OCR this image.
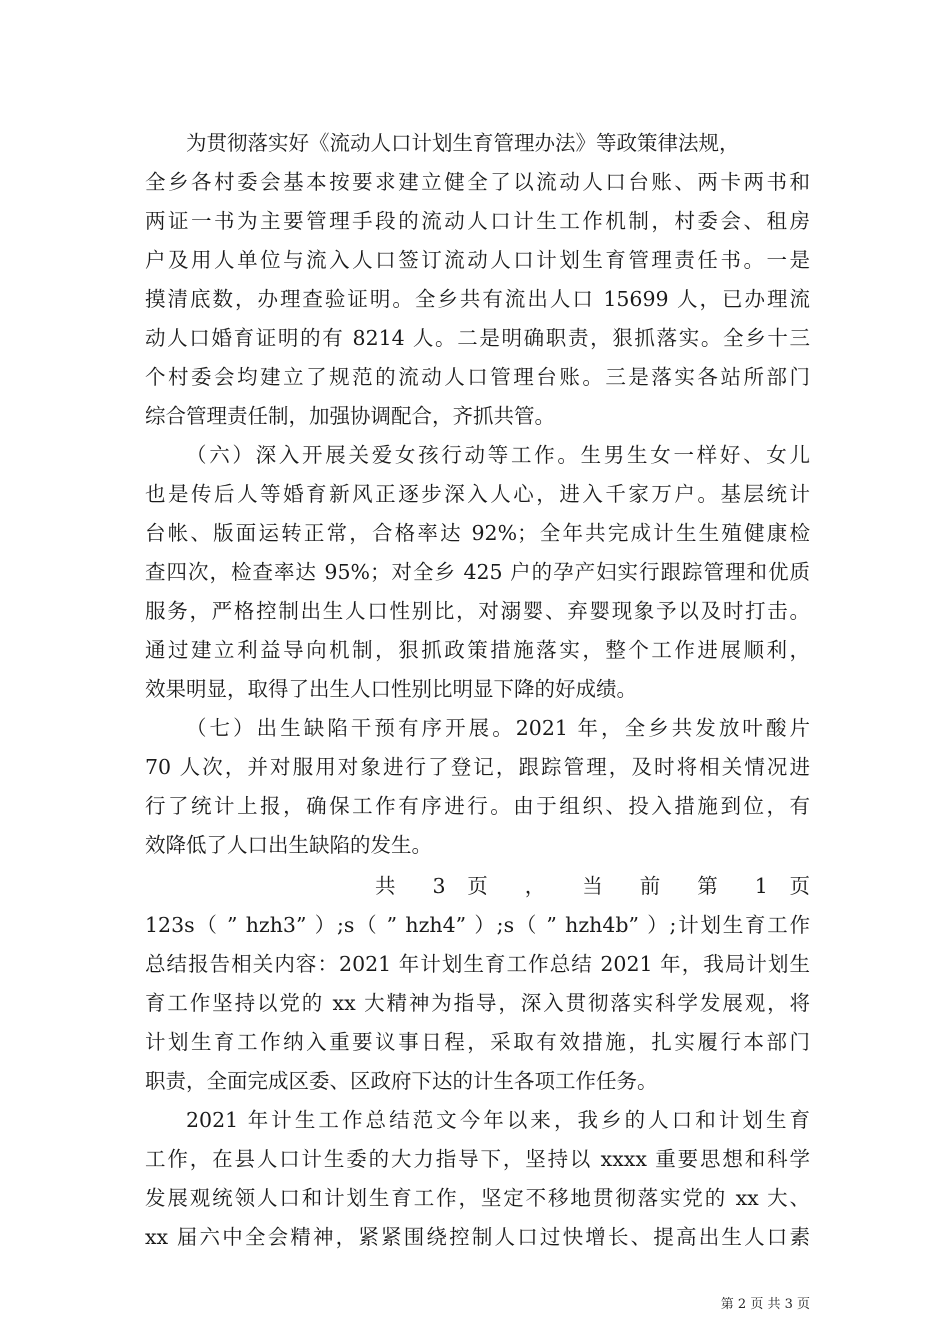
为贯彻落实好《流动人口计划生育管理办法》等政策律法规，
全乡各村委会基本按要求建立健全了以流动人口台账、两卡两书和
两证一书为主要管理手段的流动人口计生工作机制，村委会、租房
户及用人单位与流入人口签订流动人口计划生育管理责任书。一是
摸清底数，办理查验证明。全乡共有流出人口 15699 人，已办理流
动人口婚育证明的有 8214 人。二是明确职责，狠抓落实。全乡十三
个村委会均建立了规范的流动人口管理台账。三是落实各站所部门
综合管理责任制，加强协调配合，齐抓共管。
（六）深入开展关爱女孩行动等工作。生男生女一样好、女儿
也是传后人等婚育新风正逐步深入人心，进入千家万户。基层统计
台帐、版面运转正常，合格率达 92%；全年共完成计生生殖健康检
查四次，检查率达 95%；对全乡 425 户的孕产妇实行跟踪管理和优质
服务，严格控制出生人口性别比，对溺婴、弃婴现象予以及时打击。
通过建立利益导向机制，狠抓政策措施落实，整个工作进展顺利，
效果明显，取得了出生人口性别比明显下降的好成绩。
（七）出生缺陷干预有序开展。2021 年，全乡共发放叶酸片
70 人次，并对服用对象进行了登记，跟踪管理，及时将相关情况进
行了统计上报，确保工作有序进行。由于组织、投入措施到位，有
效降低了人口出生缺陷的发生。
共 3 页 ， 当 前 第 1 页
123s（ ” hzh3” ）;s（ ” hzh4” ）;s（ ” hzh4b” ）;计划生育工作
总结报告相关内容：2021 年计划生育工作总结 2021 年，我局计划生
育工作坚持以党的 xx 大精神为指导，深入贯彻落实科学发展观，将
计划生育工作纳入重要议事日程，采取有效措施，扎实履行本部门
职责，全面完成区委、区政府下达的计生各项工作任务。
2021 年计生工作总结范文今年以来，我乡的人口和计划生育
工作，在县人口计生委的大力指导下，坚持以 xxxx 重要思想和科学
发展观统领人口和计划生育工作，坚定不移地贯彻落实党的 xx 大、
xx 届六中全会精神，紧紧围绕控制人口过快增长、提高出生人口素
第 2 页 共 3 页
